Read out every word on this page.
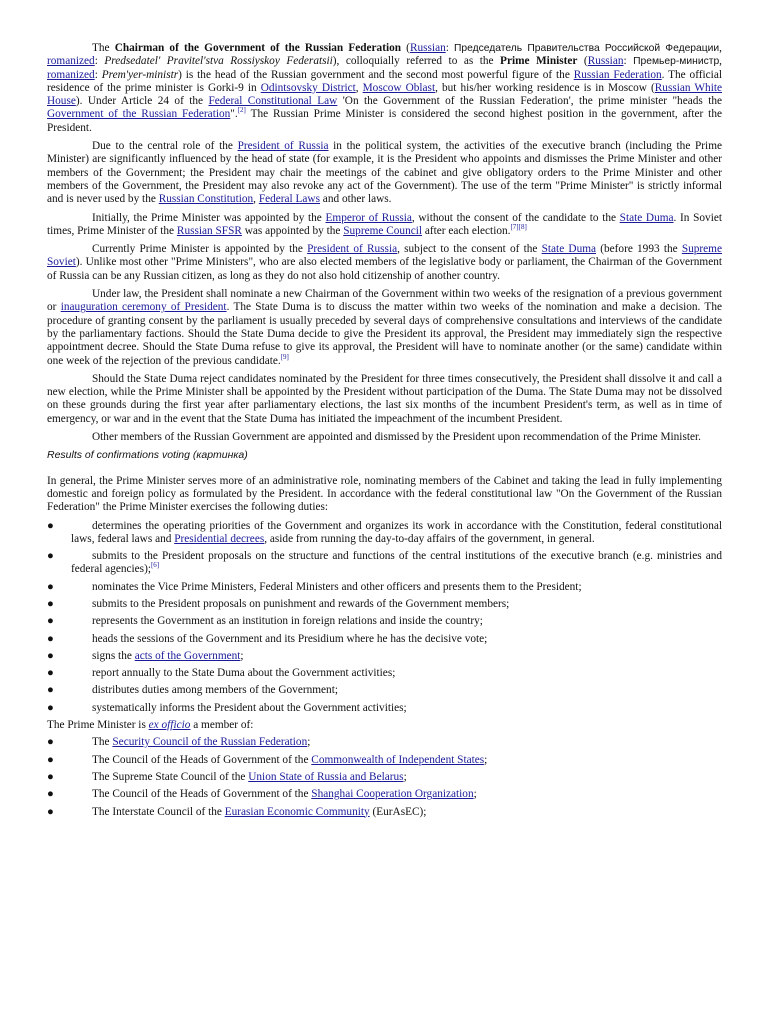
The Chairman of the Government of the Russian Federation (Russian: Председатель Правительства Российской Федерации, romanized: Predsedatel' Pravitel'stva Rossiyskoy Federatsii), colloquially referred to as the Prime Minister (Russian: Премьер-министр, romanized: Prem'yer-ministr) is the head of the Russian government and the second most powerful figure of the Russian Federation. The official residence of the prime minister is Gorki-9 in Odintsovsky District, Moscow Oblast, but his/her working residence is in Moscow (Russian White House). Under Article 24 of the Federal Constitutional Law 'On the Government of the Russian Federation', the prime minister "heads the Government of the Russian Federation".[2] The Russian Prime Minister is considered the second highest position in the government, after the President.

Due to the central role of the President of Russia in the political system, the activities of the executive branch (including the Prime Minister) are significantly influenced by the head of state (for example, it is the President who appoints and dismisses the Prime Minister and other members of the Government; the President may chair the meetings of the cabinet and give obligatory orders to the Prime Minister and other members of the Government, the President may also revoke any act of the Government). The use of the term "Prime Minister" is strictly informal and is never used by the Russian Constitution, Federal Laws and other laws.

Initially, the Prime Minister was appointed by the Emperor of Russia, without the consent of the candidate to the State Duma. In Soviet times, Prime Minister of the Russian SFSR was appointed by the Supreme Council after each election.[7][8]

Currently Prime Minister is appointed by the President of Russia, subject to the consent of the State Duma (before 1993 the Supreme Soviet). Unlike most other "Prime Ministers", who are also elected members of the legislative body or parliament, the Chairman of the Government of Russia can be any Russian citizen, as long as they do not also hold citizenship of another country.

Under law, the President shall nominate a new Chairman of the Government within two weeks of the resignation of a previous government or inauguration ceremony of President. The State Duma is to discuss the matter within two weeks of the nomination and make a decision. The procedure of granting consent by the parliament is usually preceded by several days of comprehensive consultations and interviews of the candidate by the parliamentary factions. Should the State Duma decide to give the President its approval, the President may immediately sign the respective appointment decree. Should the State Duma refuse to give its approval, the President will have to nominate another (or the same) candidate within one week of the rejection of the previous candidate.[9]

Should the State Duma reject candidates nominated by the President for three times consecutively, the President shall dissolve it and call a new election, while the Prime Minister shall be appointed by the President without participation of the Duma. The State Duma may not be dissolved on these grounds during the first year after parliamentary elections, the last six months of the incumbent President's term, as well as in time of emergency, or war and in the event that the State Duma has initiated the impeachment of the incumbent President.

Other members of the Russian Government are appointed and dismissed by the President upon recommendation of the Prime Minister.

Results of confirmations voting (картинка)

In general, the Prime Minister serves more of an administrative role, nominating members of the Cabinet and taking the lead in fully implementing domestic and foreign policy as formulated by the President. In accordance with the federal constitutional law "On the Government of the Russian Federation" the Prime Minister exercises the following duties:

●	determines the operating priorities of the Government and organizes its work in accordance with the Constitution, federal constitutional laws, federal laws and Presidential decrees, aside from running the day-to-day affairs of the government, in general.
●	submits to the President proposals on the structure and functions of the central institutions of the executive branch (e.g. ministries and federal agencies);[6]
●	nominates the Vice Prime Ministers, Federal Ministers and other officers and presents them to the President;
●	submits to the President proposals on punishment and rewards of the Government members;
●	represents the Government as an institution in foreign relations and inside the country;
●	heads the sessions of the Government and its Presidium where he has the decisive vote;
●	signs the acts of the Government;
●	report annually to the State Duma about the Government activities;
●	distributes duties among members of the Government;
●	systematically informs the President about the Government activities;

The Prime Minister is ex officio a member of:

●	The Security Council of the Russian Federation;
●	The Council of the Heads of Government of the Commonwealth of Independent States;
●	The Supreme State Council of the Union State of Russia and Belarus;
●	The Council of the Heads of Government of the Shanghai Cooperation Organization;
●	The Interstate Council of the Eurasian Economic Community (EurAsEC);
